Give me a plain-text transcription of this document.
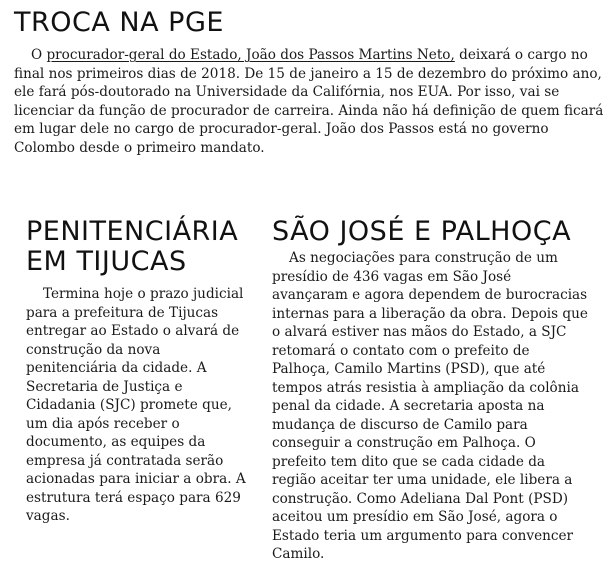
TROCA NA PGE

O procurador-geral do Estado, João dos Passos Martins Neto, deixará o cargo no final nos primeiros dias de 2018. De 15 de janeiro a 15 de dezembro do próximo ano, ele fará pós-doutorado na Universidade da Califórnia, nos EUA. Por isso, vai se licenciar da função de procurador de carreira. Ainda não há definição de quem ficará em lugar dele no cargo de procurador-geral. João dos Passos está no governo Colombo desde o primeiro mandato.

PENITENCIÁRIA
EM TIJUCAS

Termina hoje o prazo judicial para a prefeitura de Tijucas entregar ao Estado o alvará de construção da nova penitenciária da cidade. A Secretaria de Justiça e Cidadania (SJC) promete que, um dia após receber o documento, as equipes da empresa já contratada serão acionadas para iniciar a obra. A estrutura terá espaço para 629 vagas.

SÃO JOSÉ E PALHOÇA

As negociações para construção de um presídio de 436 vagas em São José avançaram e agora dependem de burocracias internas para a liberação da obra. Depois que o alvará estiver nas mãos do Estado, a SJC retomará o contato com o prefeito de Palhoça, Camilo Martins (PSD), que até tempos atrás resistia à ampliação da colônia penal da cidade. A secretaria aposta na mudança de discurso de Camilo para conseguir a construção em Palhoça. O prefeito tem dito que se cada cidade da região aceitar ter uma unidade, ele libera a construção. Como Adeliana Dal Pont (PSD) aceitou um presídio em São José, agora o Estado teria um argumento para convencer Camilo.
